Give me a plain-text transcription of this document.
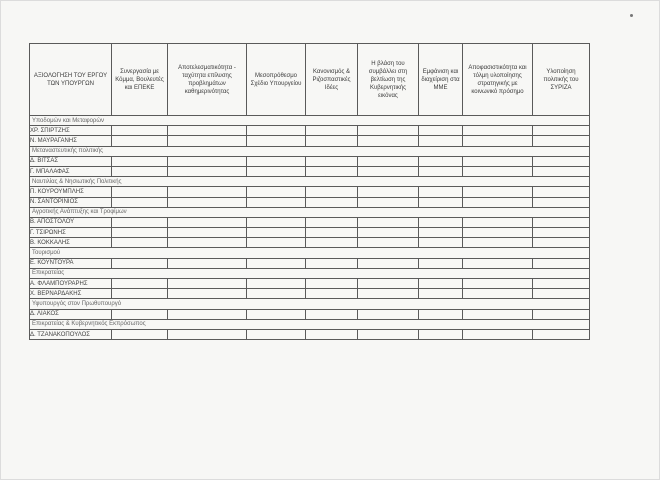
ΑΞΙΟΛΟΓΗΣΗ ΤΟΥ ΕΡΓΟΥ ΤΩΝ ΥΠΟΥΡΓΩΝ	Συνεργασία με Κόμμα, Βουλευτές και ΕΠΕΚΕ	Αποτελεσματικότητα - ταχύτητα επίλυσης προβλημάτων καθημερινότητας	Μεσοπρόθεσμο Σχέδιο Υπουργείου	Κανονισμός & Ριζοσπαστικές Ιδέες	Η βλάση του συμβάλλει στη βελτίωση της Κυβερνητικής εικόνας	Εμφάνιση και διαχείριση στα ΜΜΕ	Αποφασιστικότητα και τόλμη υλοποίησης στρατηγικής με κοινωνικό πρόσημο	Υλοποίηση πολιτικής του ΣΥΡΙΖΑ
Υποδομών και Μεταφορών								
ΧΡ. ΣΠΙΡΤΖΗΣ								
Ν. ΜΑΥΡΑΓΑΝΗΣ								
Μεταναστευτικής πολιτικής								
Δ. ΒΙΤΣΑΣ								
Γ. ΜΠΑΛΑΦΑΣ								
Ναυτιλίας & Νησιωτικής Πολιτικής								
Π. ΚΟΥΡΟΥΜΠΛΗΣ								
Ν. ΣΑΝΤΟΡΙΝΙΟΣ								
Αγροτικής Ανάπτυξης και Τροφίμων								
Β. ΑΠΟΣΤΟΛΟΥ								
Γ. ΤΣΙΡΩΝΗΣ								
Β. ΚΟΚΚΑΛΗΣ								
Τουρισμού								
Ε. ΚΟΥΝΤΟΥΡΑ								
Επικρατείας								
Α. ΦΛΑΜΠΟΥΡΑΡΗΣ								
Χ. ΒΕΡΝΑΡΔΑΚΗΣ								
Υφυπουργός στον Πρωθυπουργό								
Δ. ΛΙΑΚΟΣ								
Επικρατείας & Κυβερνητικός Εκπρόσωπος								
Δ. ΤΖΑΝΑΚΟΠΟΥΛΟΣ								
